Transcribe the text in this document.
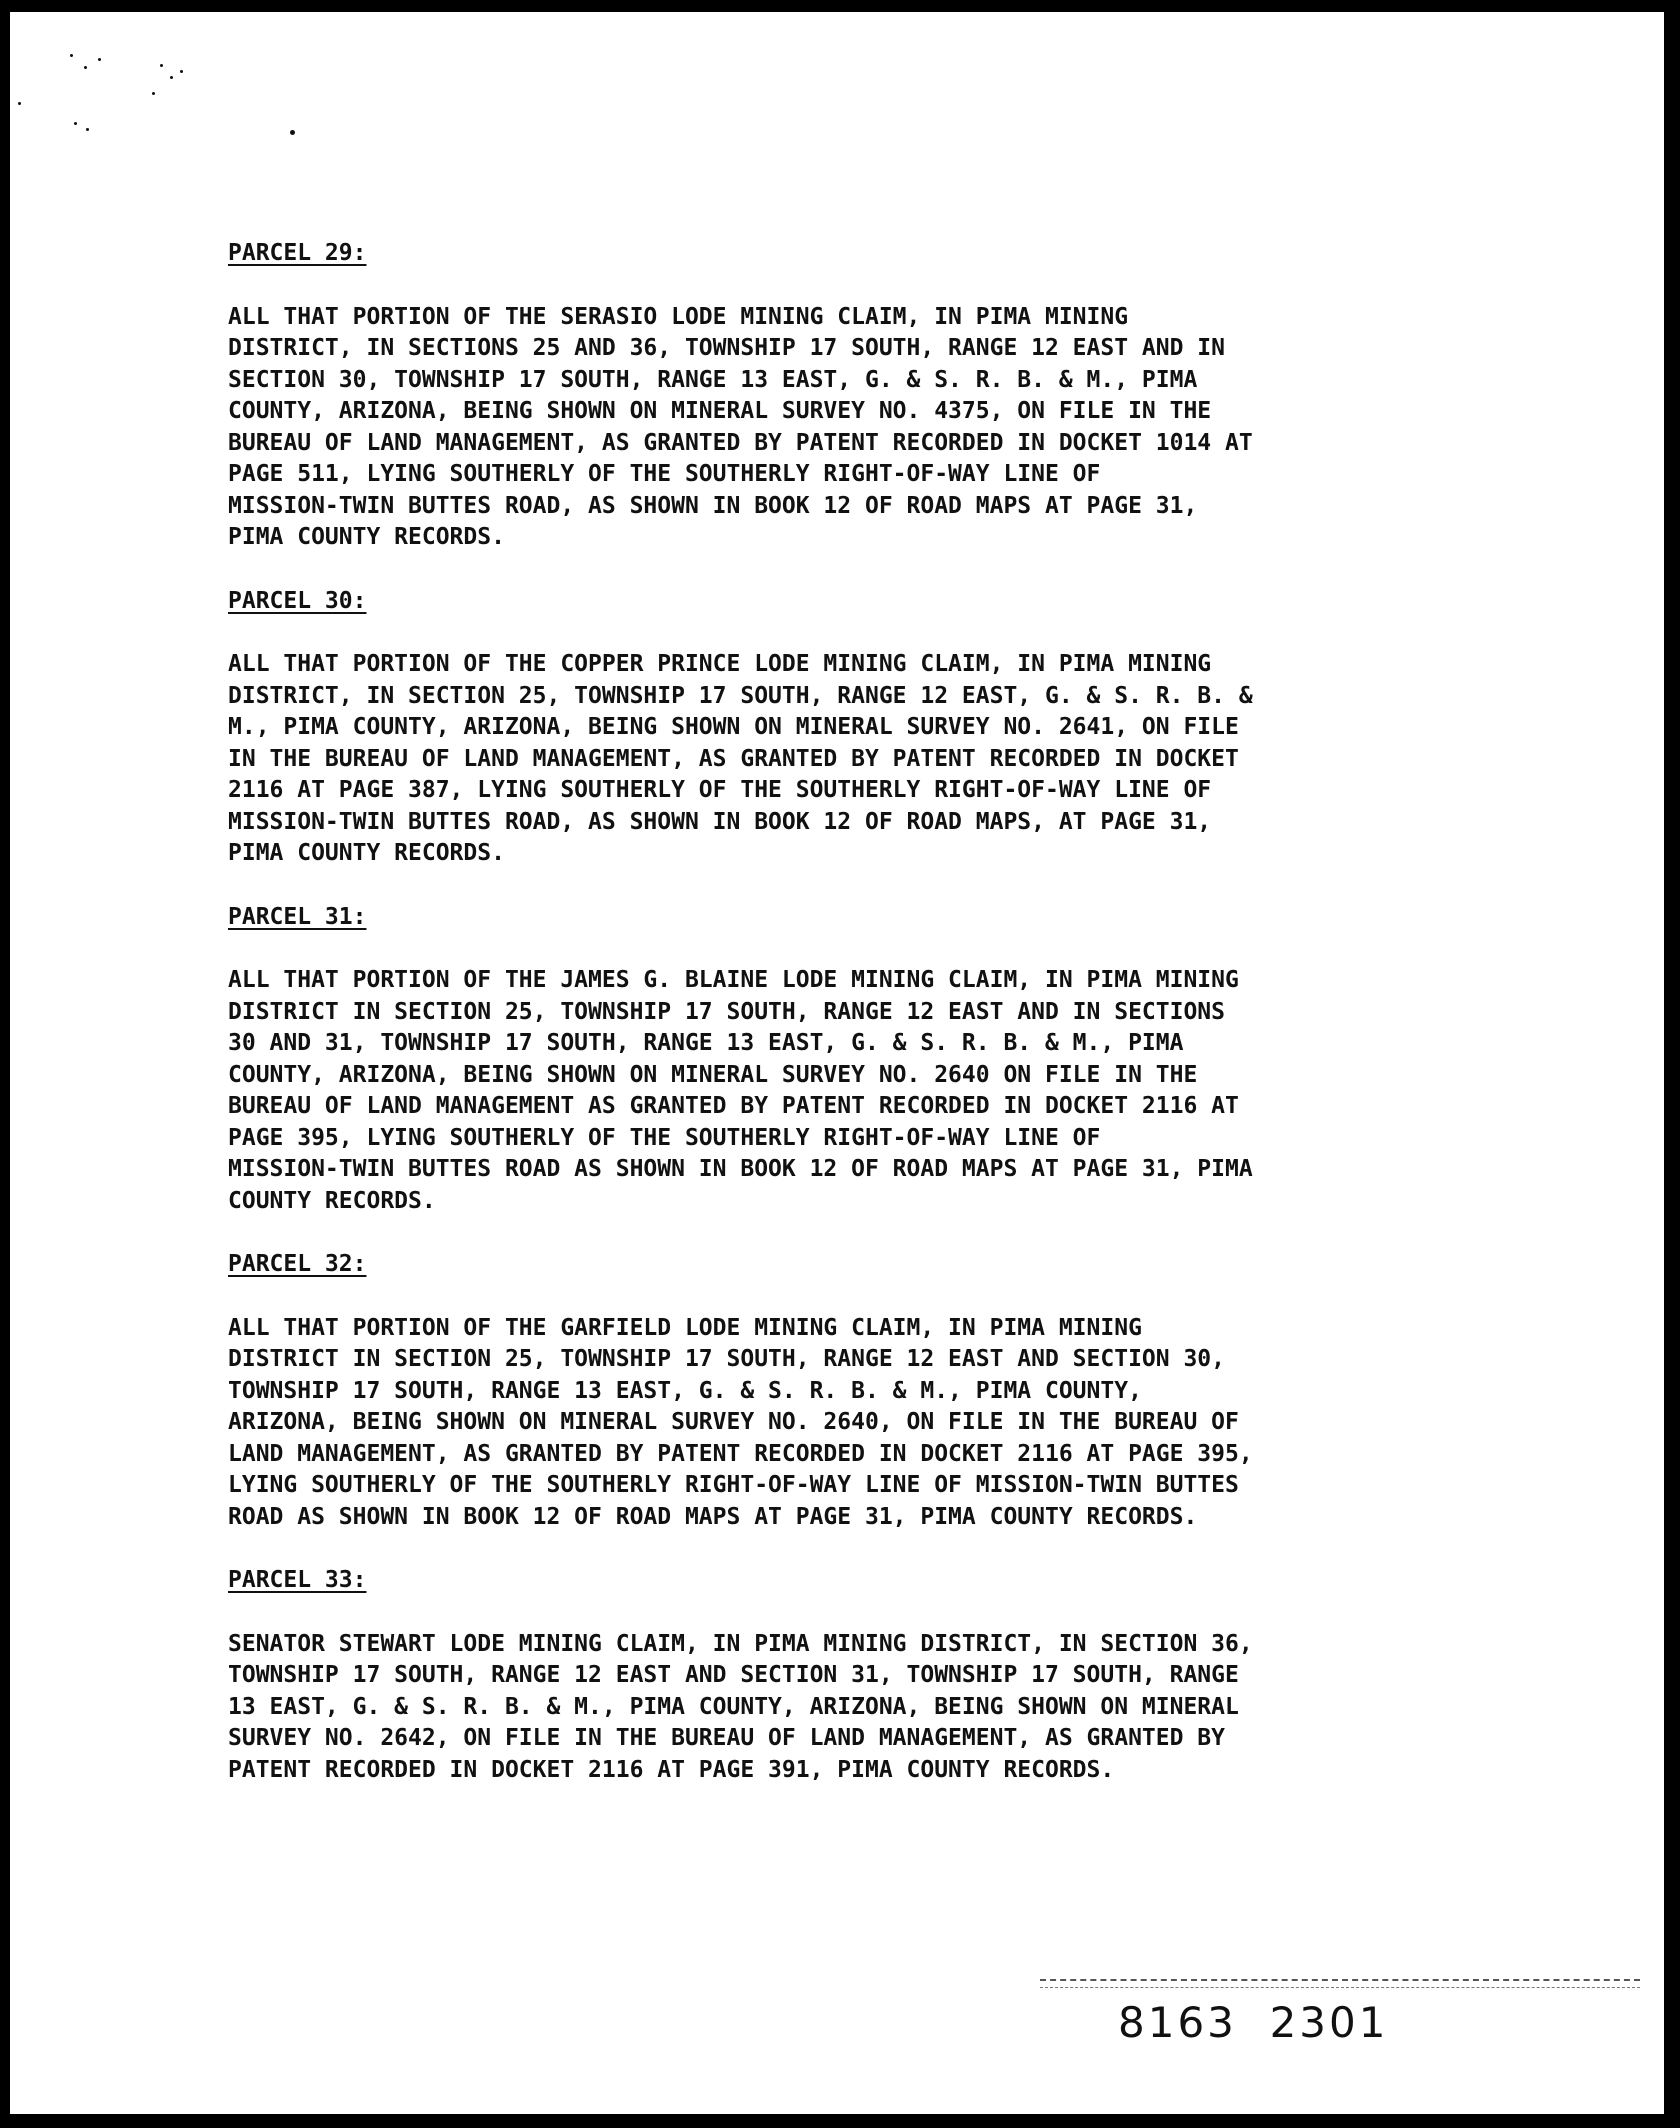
PARCEL 29:
ALL THAT PORTION OF THE SERASIO LODE MINING CLAIM, IN PIMA MINING
DISTRICT, IN SECTIONS 25 AND 36, TOWNSHIP 17 SOUTH, RANGE 12 EAST AND IN
SECTION 30, TOWNSHIP 17 SOUTH, RANGE 13 EAST, G. & S. R. B. & M., PIMA
COUNTY, ARIZONA, BEING SHOWN ON MINERAL SURVEY NO. 4375, ON FILE IN THE
BUREAU OF LAND MANAGEMENT, AS GRANTED BY PATENT RECORDED IN DOCKET 1014 AT
PAGE 511, LYING SOUTHERLY OF THE SOUTHERLY RIGHT-OF-WAY LINE OF
MISSION-TWIN BUTTES ROAD, AS SHOWN IN BOOK 12 OF ROAD MAPS AT PAGE 31,
PIMA COUNTY RECORDS.
PARCEL 30:
ALL THAT PORTION OF THE COPPER PRINCE LODE MINING CLAIM, IN PIMA MINING
DISTRICT, IN SECTION 25, TOWNSHIP 17 SOUTH, RANGE 12 EAST, G. & S. R. B. &
M., PIMA COUNTY, ARIZONA, BEING SHOWN ON MINERAL SURVEY NO. 2641, ON FILE
IN THE BUREAU OF LAND MANAGEMENT, AS GRANTED BY PATENT RECORDED IN DOCKET
2116 AT PAGE 387, LYING SOUTHERLY OF THE SOUTHERLY RIGHT-OF-WAY LINE OF
MISSION-TWIN BUTTES ROAD, AS SHOWN IN BOOK 12 OF ROAD MAPS, AT PAGE 31,
PIMA COUNTY RECORDS.
PARCEL 31:
ALL THAT PORTION OF THE JAMES G. BLAINE LODE MINING CLAIM, IN PIMA MINING
DISTRICT IN SECTION 25, TOWNSHIP 17 SOUTH, RANGE 12 EAST AND IN SECTIONS
30 AND 31, TOWNSHIP 17 SOUTH, RANGE 13 EAST, G. & S. R. B. & M., PIMA
COUNTY, ARIZONA, BEING SHOWN ON MINERAL SURVEY NO. 2640 ON FILE IN THE
BUREAU OF LAND MANAGEMENT AS GRANTED BY PATENT RECORDED IN DOCKET 2116 AT
PAGE 395, LYING SOUTHERLY OF THE SOUTHERLY RIGHT-OF-WAY LINE OF
MISSION-TWIN BUTTES ROAD AS SHOWN IN BOOK 12 OF ROAD MAPS AT PAGE 31, PIMA
COUNTY RECORDS.
PARCEL 32:
ALL THAT PORTION OF THE GARFIELD LODE MINING CLAIM, IN PIMA MINING
DISTRICT IN SECTION 25, TOWNSHIP 17 SOUTH, RANGE 12 EAST AND SECTION 30,
TOWNSHIP 17 SOUTH, RANGE 13 EAST, G. & S. R. B. & M., PIMA COUNTY,
ARIZONA, BEING SHOWN ON MINERAL SURVEY NO. 2640, ON FILE IN THE BUREAU OF
LAND MANAGEMENT, AS GRANTED BY PATENT RECORDED IN DOCKET 2116 AT PAGE 395,
LYING SOUTHERLY OF THE SOUTHERLY RIGHT-OF-WAY LINE OF MISSION-TWIN BUTTES
ROAD AS SHOWN IN BOOK 12 OF ROAD MAPS AT PAGE 31, PIMA COUNTY RECORDS.
PARCEL 33:
SENATOR STEWART LODE MINING CLAIM, IN PIMA MINING DISTRICT, IN SECTION 36,
TOWNSHIP 17 SOUTH, RANGE 12 EAST AND SECTION 31, TOWNSHIP 17 SOUTH, RANGE
13 EAST, G. & S. R. B. & M., PIMA COUNTY, ARIZONA, BEING SHOWN ON MINERAL
SURVEY NO. 2642, ON FILE IN THE BUREAU OF LAND MANAGEMENT, AS GRANTED BY
PATENT RECORDED IN DOCKET 2116 AT PAGE 391, PIMA COUNTY RECORDS.
8163  2301
